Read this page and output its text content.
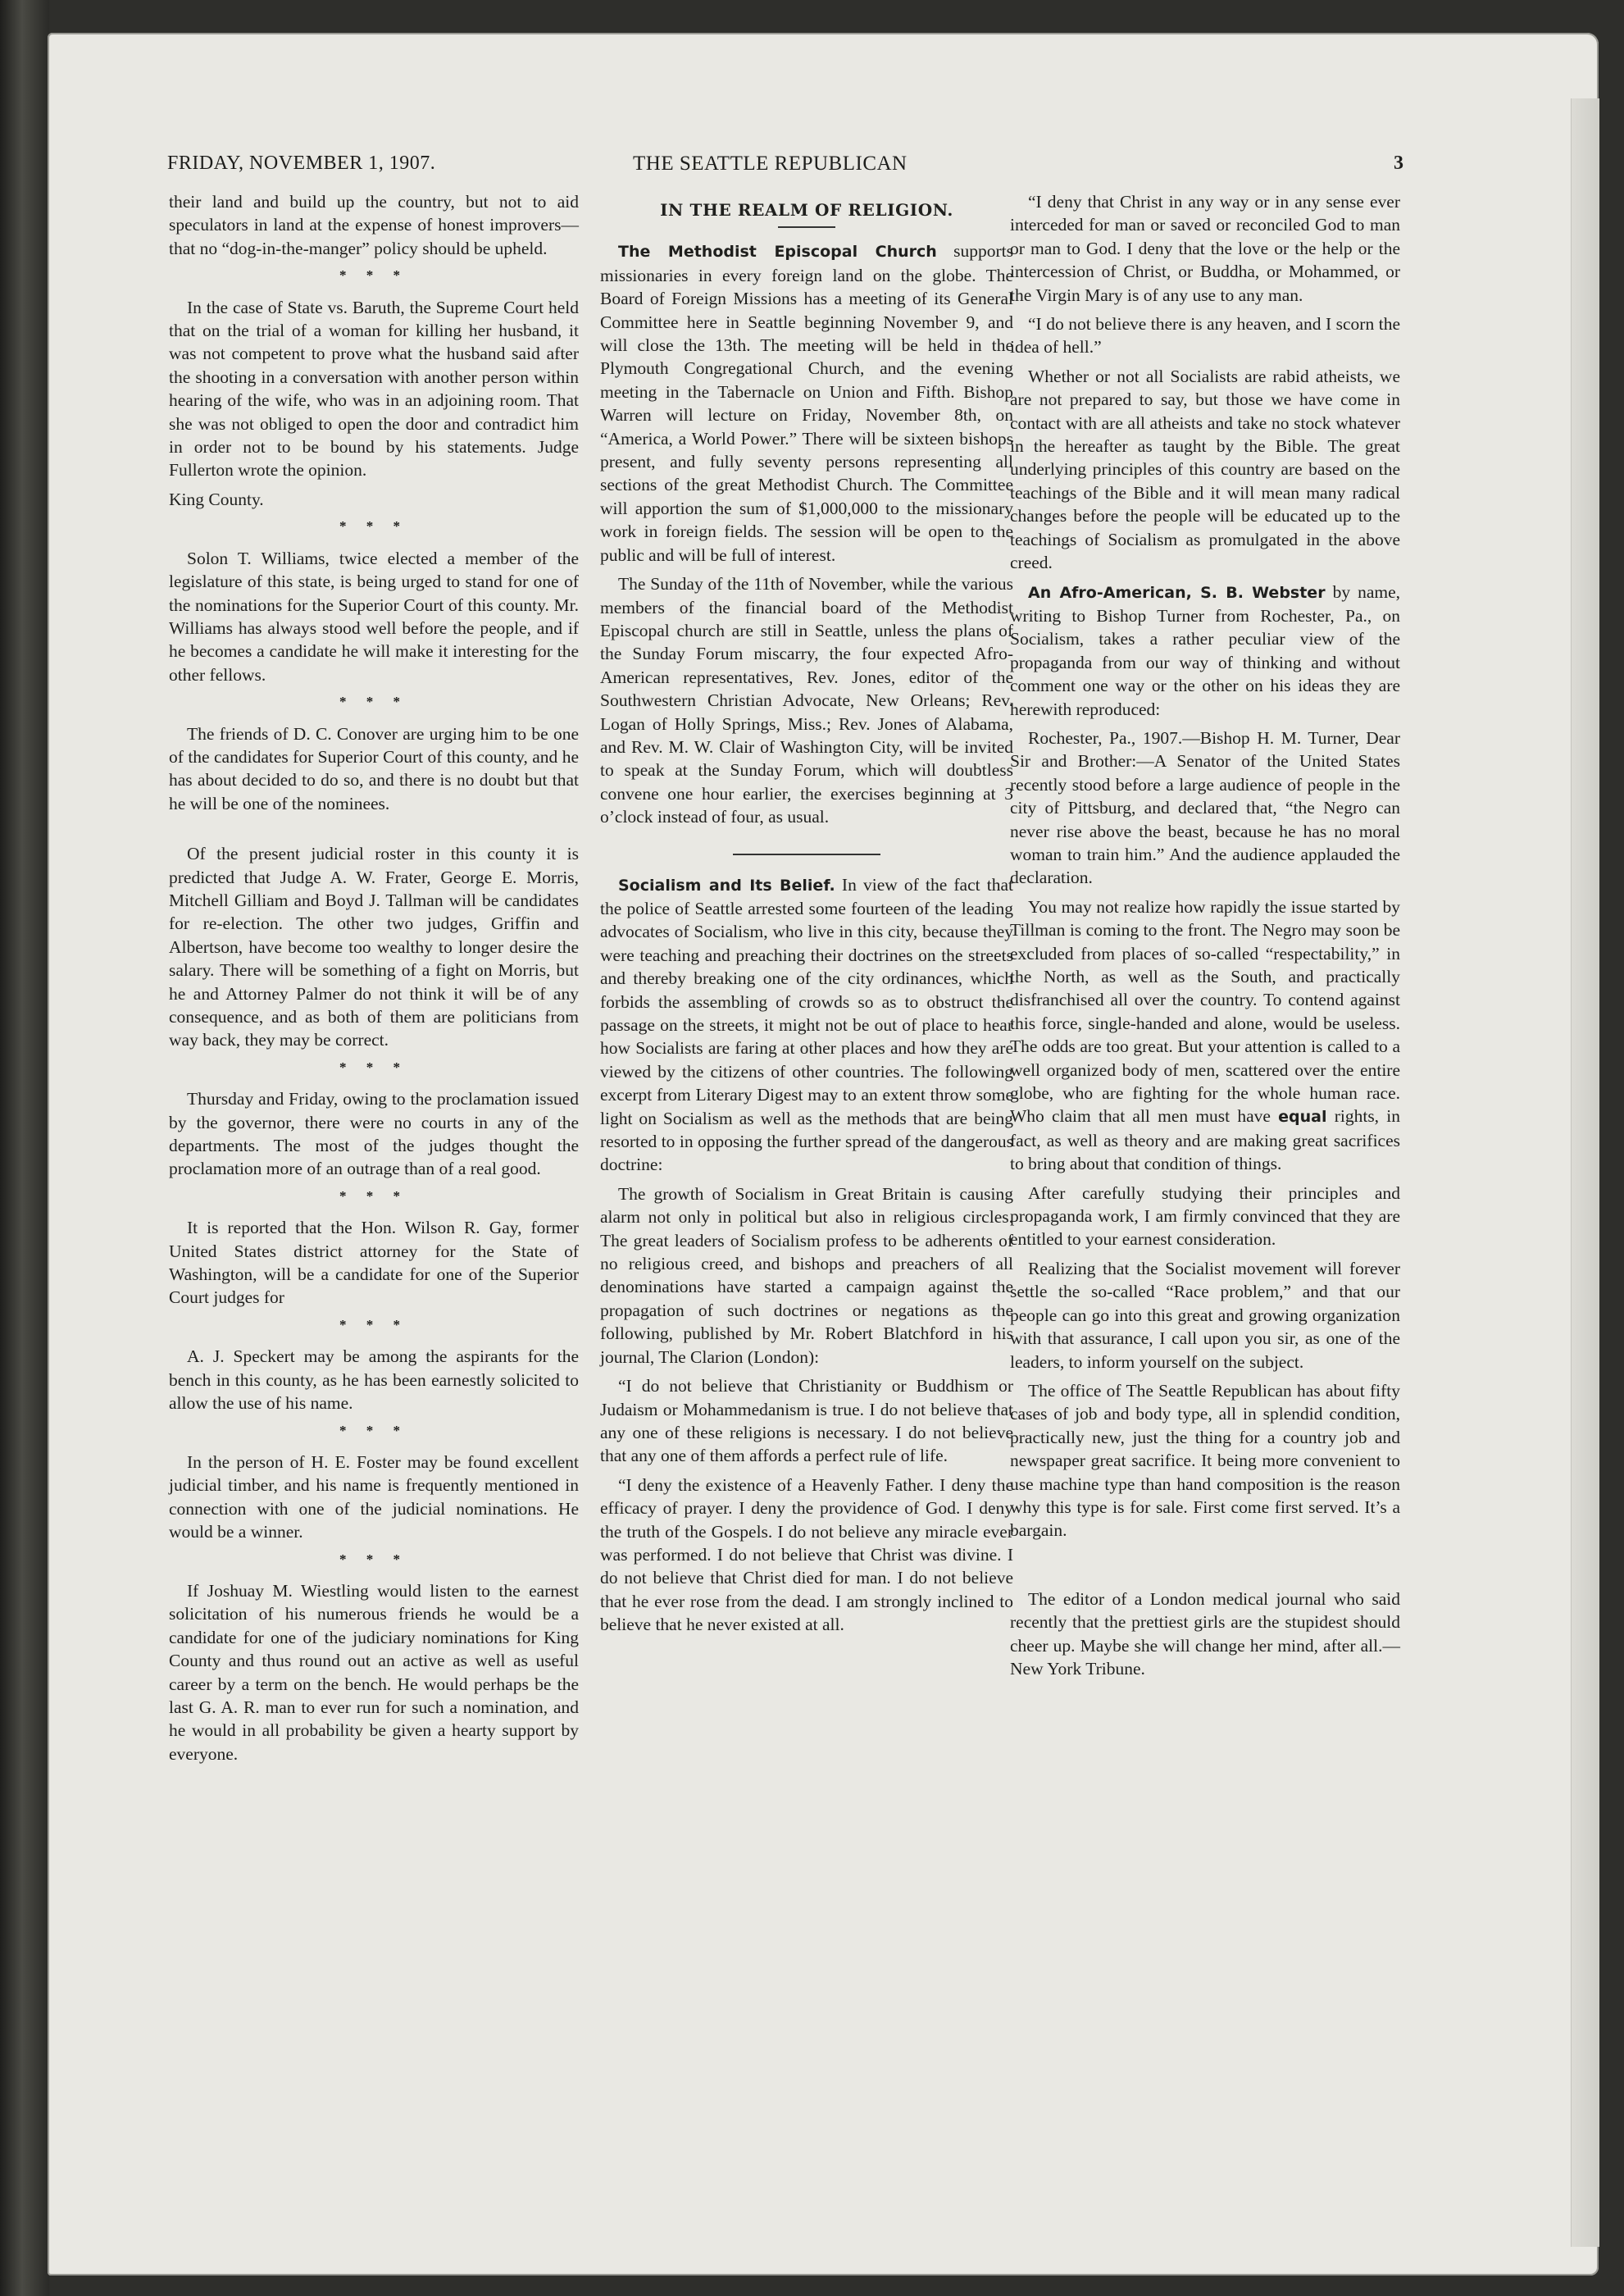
FRIDAY, NOVEMBER 1, 1907.	THE SEATTLE REPUBLICAN	3

their land and build up the country, but not to aid speculators in land at the expense of honest improvers—that no “dog-in-the-manger” policy should be upheld.

* * *

In the case of State vs. Baruth, the Supreme Court held that on the trial of a woman for killing her husband, it was not competent to prove what the husband said after the shooting in a conversation with another person within hearing of the wife, who was in an adjoining room. That she was not obliged to open the door and contradict him in order not to be bound by his statements. Judge Fullerton wrote the opinion.

King County.

* * *

Solon T. Williams, twice elected a member of the legislature of this state, is being urged to stand for one of the nominations for the Superior Court of this county. Mr. Williams has always stood well before the people, and if he becomes a candidate he will make it interesting for the other fellows.

* * *

The friends of D. C. Conover are urging him to be one of the candidates for Superior Court of this county, and he has about decided to do so, and there is no doubt but that he will be one of the nominees.

Of the present judicial roster in this county it is predicted that Judge A. W. Frater, George E. Morris, Mitchell Gilliam and Boyd J. Tallman will be candidates for re-election. The other two judges, Griffin and Albertson, have become too wealthy to longer desire the salary. There will be something of a fight on Morris, but he and Attorney Palmer do not think it will be of any consequence, and as both of them are politicians from way back, they may be correct.

* * *

Thursday and Friday, owing to the proclamation issued by the governor, there were no courts in any of the departments. The most of the judges thought the proclamation more of an outrage than of a real good.

* * *

It is reported that the Hon. Wilson R. Gay, former United States district attorney for the State of Washington, will be a candidate for one of the Superior Court judges for

* * *

A. J. Speckert may be among the aspirants for the bench in this county, as he has been earnestly solicited to allow the use of his name.

* * *

In the person of H. E. Foster may be found excellent judicial timber, and his name is frequently mentioned in connection with one of the judicial nominations. He would be a winner.

* * *

If Joshuay M. Wiestling would listen to the earnest solicitation of his numerous friends he would be a candidate for one of the judiciary nominations for King County and thus round out an active as well as useful career by a term on the bench. He would perhaps be the last G. A. R. man to ever run for such a nomination, and he would in all probability be given a hearty support by everyone.

IN THE REALM OF RELIGION.

The Methodist Episcopal Church supports missionaries in every foreign land on the globe. The Board of Foreign Missions has a meeting of its General Committee here in Seattle beginning November 9, and will close the 13th. The meeting will be held in the Plymouth Congregational Church, and the evening meeting in the Tabernacle on Union and Fifth. Bishop Warren will lecture on Friday, November 8th, on “America, a World Power.” There will be sixteen bishops present, and fully seventy persons representing all sections of the great Methodist Church. The Committee will apportion the sum of $1,000,000 to the missionary work in foreign fields. The session will be open to the public and will be full of interest.

The Sunday of the 11th of November, while the various members of the financial board of the Methodist Episcopal church are still in Seattle, unless the plans of the Sunday Forum miscarry, the four expected Afro-American representatives, Rev. Jones, editor of the Southwestern Christian Advocate, New Orleans; Rev. Logan of Holly Springs, Miss.; Rev. Jones of Alabama, and Rev. M. W. Clair of Washington City, will be invited to speak at the Sunday Forum, which will doubtless convene one hour earlier, the exercises beginning at 3 o’clock instead of four, as usual.

Socialism and Its Belief. In view of the fact that the police of Seattle arrested some fourteen of the leading advocates of Socialism, who live in this city, because they were teaching and preaching their doctrines on the streets and thereby breaking one of the city ordinances, which forbids the assembling of crowds so as to obstruct the passage on the streets, it might not be out of place to hear how Socialists are faring at other places and how they are viewed by the citizens of other countries. The following excerpt from Literary Digest may to an extent throw some light on Socialism as well as the methods that are being resorted to in opposing the further spread of the dangerous doctrine:

The growth of Socialism in Great Britain is causing alarm not only in political but also in religious circles. The great leaders of Socialism profess to be adherents of no religious creed, and bishops and preachers of all denominations have started a campaign against the propagation of such doctrines or negations as the following, published by Mr. Robert Blatchford in his journal, The Clarion (London):

“I do not believe that Christianity or Buddhism or Judaism or Mohammedanism is true. I do not believe that any one of these religions is necessary. I do not believe that any one of them affords a perfect rule of life.

“I deny the existence of a Heavenly Father. I deny the efficacy of prayer. I deny the providence of God. I deny the truth of the Gospels. I do not believe any miracle ever was performed. I do not believe that Christ was divine. I do not believe that Christ died for man. I do not believe that he ever rose from the dead. I am strongly inclined to believe that he never existed at all.

“I deny that Christ in any way or in any sense ever interceded for man or saved or reconciled God to man or man to God. I deny that the love or the help or the intercession of Christ, or Buddha, or Mohammed, or the Virgin Mary is of any use to any man.

“I do not believe there is any heaven, and I scorn the idea of hell.”

Whether or not all Socialists are rabid atheists, we are not prepared to say, but those we have come in contact with are all atheists and take no stock whatever in the hereafter as taught by the Bible. The great underlying principles of this country are based on the teachings of the Bible and it will mean many radical changes before the people will be educated up to the teachings of Socialism as promulgated in the above creed.

An Afro-American, S. B. Webster by name, writing to Bishop Turner from Rochester, Pa., on Socialism, takes a rather peculiar view of the propaganda from our way of thinking and without comment one way or the other on his ideas they are herewith reproduced:

Rochester, Pa., 1907.—Bishop H. M. Turner, Dear Sir and Brother:—A Senator of the United States recently stood before a large audience of people in the city of Pittsburg, and declared that, “the Negro can never rise above the beast, because he has no moral woman to train him.” And the audience applauded the declaration.

You may not realize how rapidly the issue started by Tillman is coming to the front. The Negro may soon be excluded from places of so-called “respectability,” in the North, as well as the South, and practically disfranchised all over the country. To contend against this force, single-handed and alone, would be useless. The odds are too great. But your attention is called to a well organized body of men, scattered over the entire globe, who are fighting for the whole human race. Who claim that all men must have equal rights, in fact, as well as theory and are making great sacrifices to bring about that condition of things.

After carefully studying their principles and propaganda work, I am firmly convinced that they are entitled to your earnest consideration.

Realizing that the Socialist movement will forever settle the so-called “Race problem,” and that our people can go into this great and growing organization with that assurance, I call upon you sir, as one of the leaders, to inform yourself on the subject.

The office of The Seattle Republican has about fifty cases of job and body type, all in splendid condition, practically new, just the thing for a country job and newspaper great sacrifice. It being more convenient to use machine type than hand composition is the reason why this type is for sale. First come first served. It’s a bargain.

The editor of a London medical journal who said recently that the prettiest girls are the stupidest should cheer up. Maybe she will change her mind, after all.—New York Tribune.
